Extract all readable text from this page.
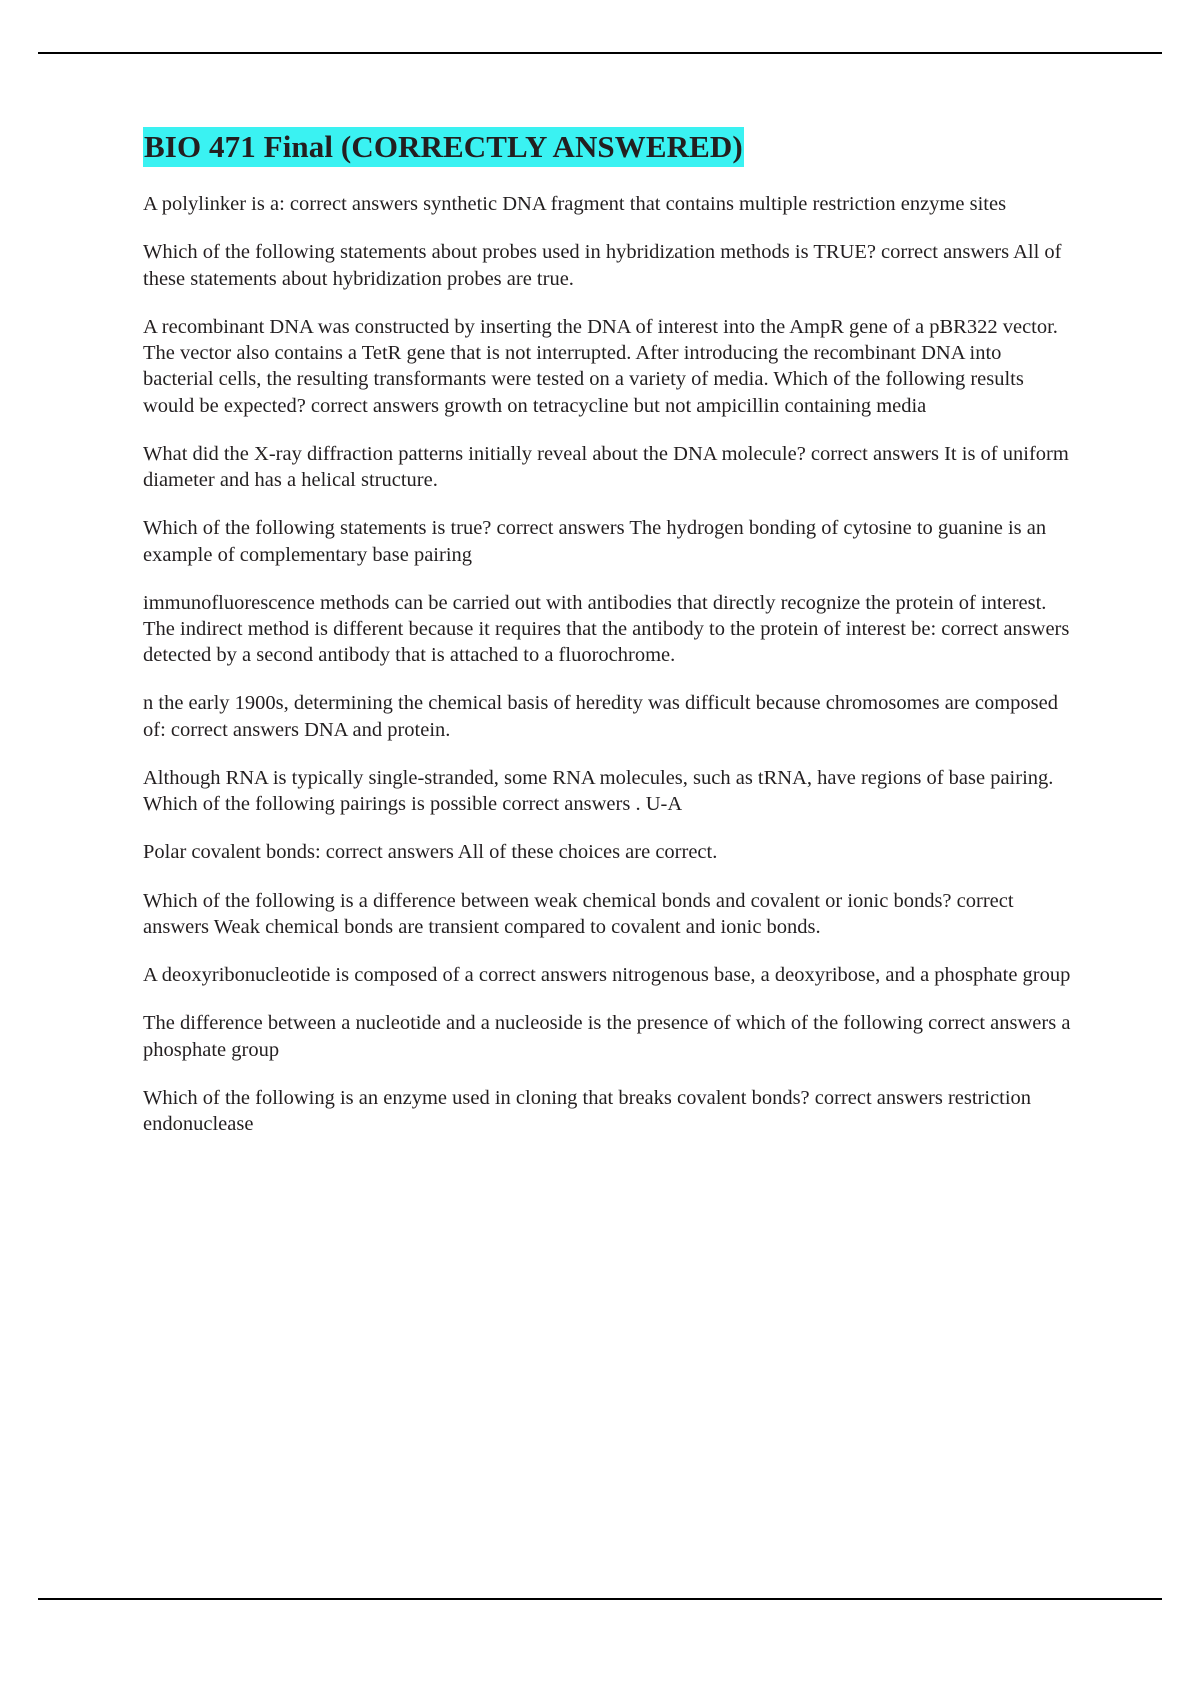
BIO 471 Final (CORRECTLY ANSWERED)

A polylinker is a: correct answers synthetic DNA fragment that contains multiple restriction enzyme sites

Which of the following statements about probes used in hybridization methods is TRUE? correct answers All of these statements about hybridization probes are true.

A recombinant DNA was constructed by inserting the DNA of interest into the AmpR gene of a pBR322 vector. The vector also contains a TetR gene that is not interrupted. After introducing the recombinant DNA into bacterial cells, the resulting transformants were tested on a variety of media. Which of the following results would be expected? correct answers growth on tetracycline but not ampicillin containing media

What did the X-ray diffraction patterns initially reveal about the DNA molecule? correct answers It is of uniform diameter and has a helical structure.

Which of the following statements is true? correct answers The hydrogen bonding of cytosine to guanine is an example of complementary base pairing

immunofluorescence methods can be carried out with antibodies that directly recognize the protein of interest. The indirect method is different because it requires that the antibody to the protein of interest be: correct answers detected by a second antibody that is attached to a fluorochrome.

n the early 1900s, determining the chemical basis of heredity was difficult because chromosomes are composed of: correct answers DNA and protein.

Although RNA is typically single-stranded, some RNA molecules, such as tRNA, have regions of base pairing. Which of the following pairings is possible correct answers . U-A

Polar covalent bonds: correct answers All of these choices are correct.

Which of the following is a difference between weak chemical bonds and covalent or ionic bonds? correct answers Weak chemical bonds are transient compared to covalent and ionic bonds.

A deoxyribonucleotide is composed of a correct answers nitrogenous base, a deoxyribose, and a phosphate group

The difference between a nucleotide and a nucleoside is the presence of which of the following correct answers a phosphate group

Which of the following is an enzyme used in cloning that breaks covalent bonds? correct answers restriction endonuclease
